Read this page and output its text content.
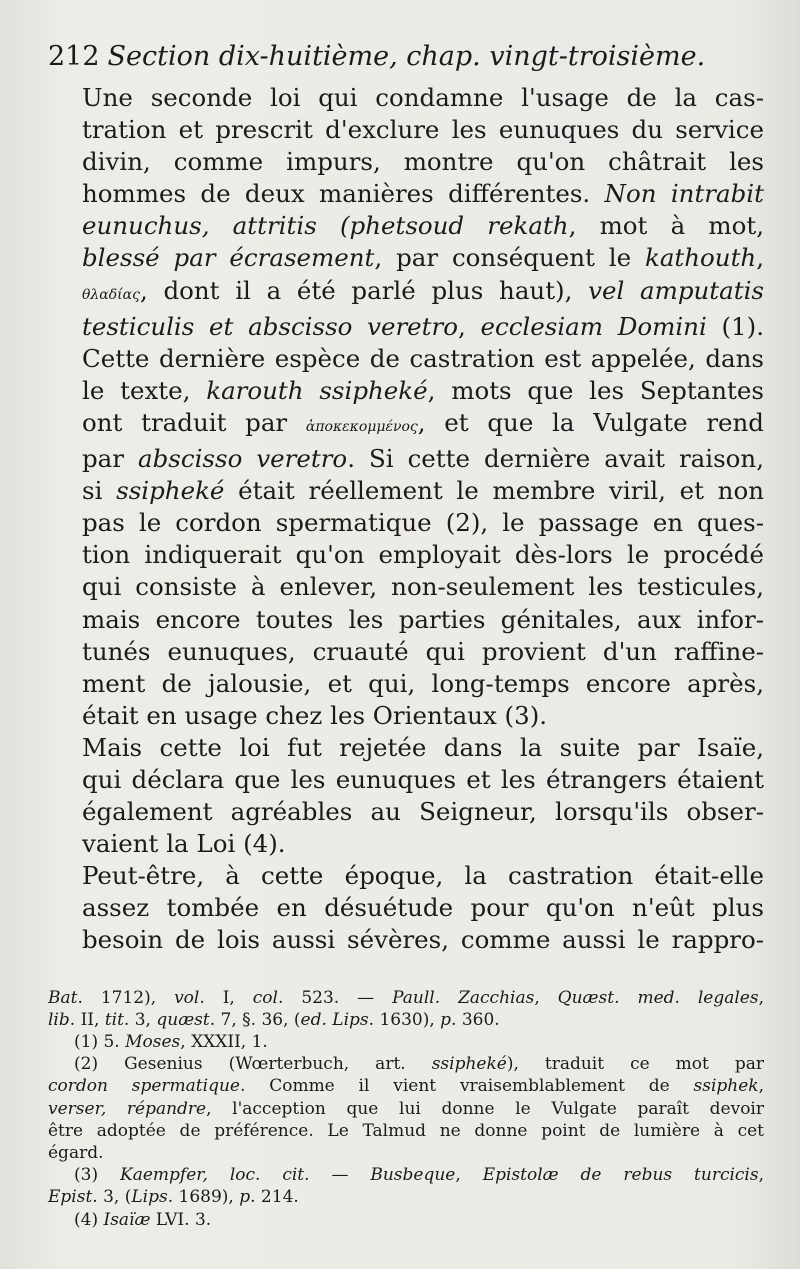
212 Section dix-huitième, chap. vingt-troisième.

Une seconde loi qui condamne l'usage de la cas-
tration et prescrit d'exclure les eunuques du service
divin, comme impurs, montre qu'on châtrait les
hommes de deux manières différentes. Non intrabit
eunuchus, attritis (phetsoud rekath, mot à mot,
blessé par écrasement, par conséquent le kathouth,
θλαδίας, dont il a été parlé plus haut), vel amputatis
testiculis et abscisso veretro, ecclesiam Domini (1).
Cette dernière espèce de castration est appelée, dans
le texte, karouth ssipheké, mots que les Septantes
ont traduit par ἀποκεκομμένος, et que la Vulgate rend
par abscisso veretro. Si cette dernière avait raison,
si ssipheké était réellement le membre viril, et non
pas le cordon spermatique (2), le passage en ques-
tion indiquerait qu'on employait dès-lors le procédé
qui consiste à enlever, non-seulement les testicules,
mais encore toutes les parties génitales, aux infor-
tunés eunuques, cruauté qui provient d'un raffine-
ment de jalousie, et qui, long-temps encore après,
était en usage chez les Orientaux (3).

Mais cette loi fut rejetée dans la suite par Isaïe,
qui déclara que les eunuques et les étrangers étaient
également agréables au Seigneur, lorsqu'ils obser-
vaient la Loi (4).

Peut-être, à cette époque, la castration était-elle
assez tombée en désuétude pour qu'on n'eût plus
besoin de lois aussi sévères, comme aussi le rappro-

Bat. 1712), vol. I, col. 523. — Paull. Zacchias, Quæst. med. legales,
lib. II, tit. 3, quæst. 7, §. 36, (ed. Lips. 1630), p. 360.
(1) 5. Moses, XXXII, 1.
(2) Gesenius (Wœrterbuch, art. ssipheké), traduit ce mot par
cordon spermatique. Comme il vient vraisemblablement de ssiphek,
verser, répandre, l'acception que lui donne le Vulgate paraît devoir
être adoptée de préférence. Le Talmud ne donne point de lumière à cet
égard.
(3) Kaempfer, loc. cit. — Busbeque, Epistolæ de rebus turcicis,
Epist. 3, (Lips. 1689), p. 214.
(4) Isaïæ LVI. 3.
